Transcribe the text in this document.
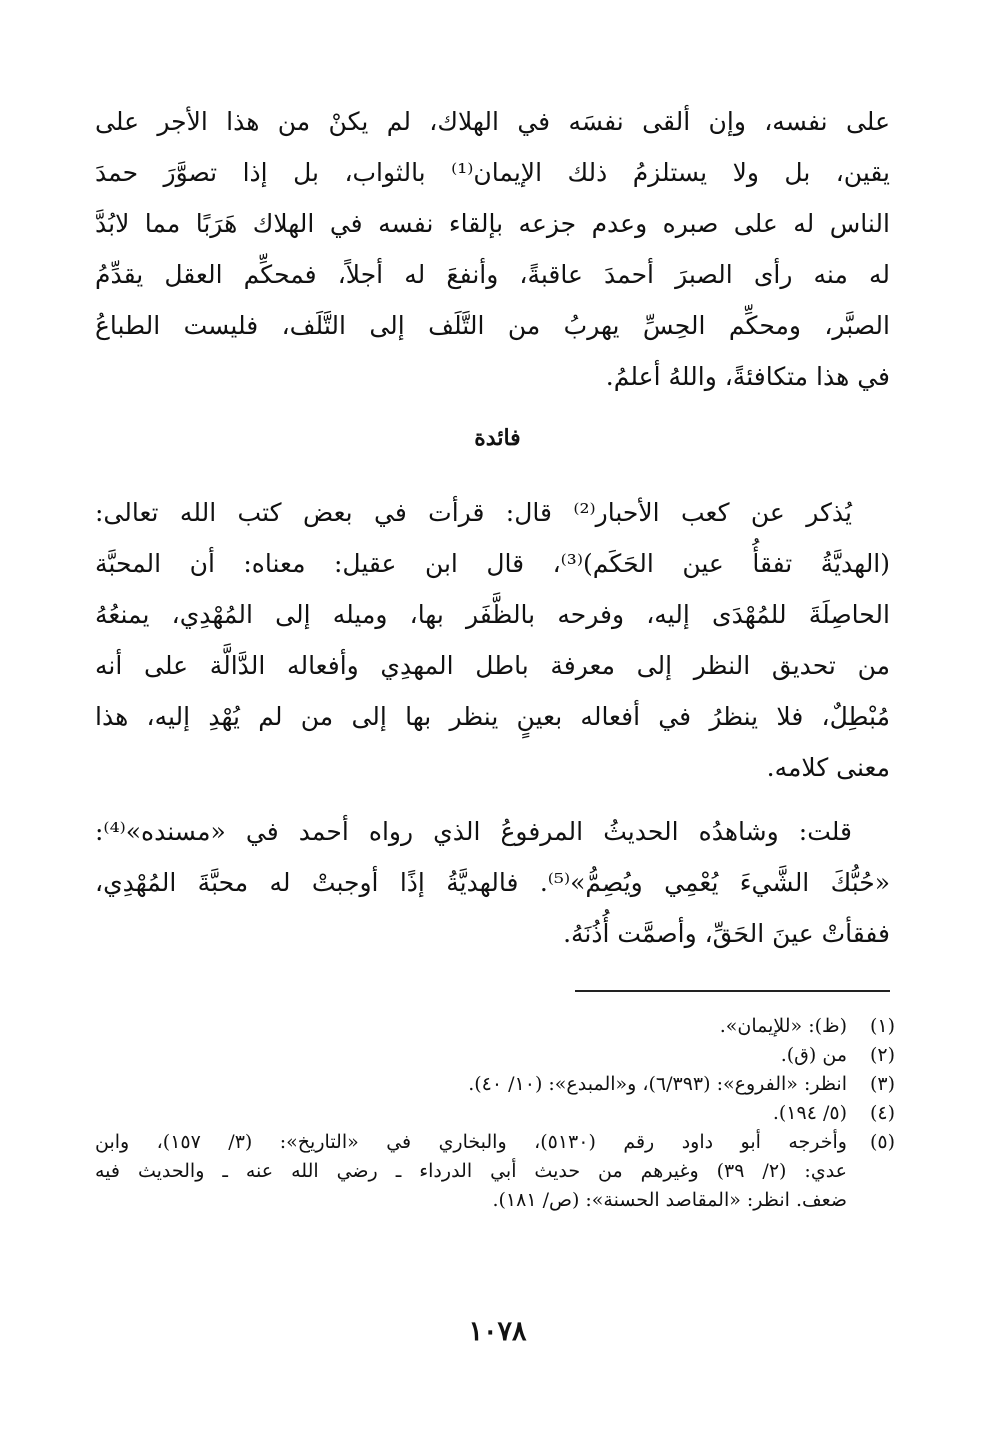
على نفسه، وإن ألقى نفسَه في الهلاك، لم يكنْ من هذا الأجر على
يقين، بل ولا يستلزمُ ذلك الإيمان⁽¹⁾ بالثواب، بل إذا تصوَّرَ حمدَ
الناس له على صبره وعدم جزعه بإلقاء نفسه في الهلاك هَرَبًا مما لابُدَّ
له منه رأى الصبرَ أحمدَ عاقبةً، وأنفعَ له أجلاً، فمحكِّم العقل يقدِّمُ
الصبَّر، ومحكِّم الحِسِّ يهربُ من التَّلَف إلى التَّلَف، فليست الطباعُ
في هذا متكافئةً، واللهُ أعلمُ.
فائدة
يُذكر عن كعب الأحبار⁽²⁾ قال: قرأت في بعض كتب الله تعالى:
(الهديَّةُ تفقأُ عين الحَكَم)⁽³⁾، قال ابن عقيل: معناه: أن المحبَّة
الحاصِلَةَ للمُهْدَى إليه، وفرحه بالظَّفَر بها، وميله إلى المُهْدِي، يمنعُهُ
من تحديق النظر إلى معرفة باطل المهدِي وأفعاله الدَّالَّة على أنه
مُبْطِلٌ، فلا ينظرُ في أفعاله بعينٍ ينظر بها إلى من لم يُهْدِ إليه، هذا
معنى كلامه.
قلت: وشاهدُه الحديثُ المرفوعُ الذي رواه أحمد في «مسنده»⁽⁴⁾:
«حُبُّكَ الشَّيءَ يُعْمِي ويُصِمُّ»⁽⁵⁾. فالهديَّةُ إذًا أوجبتْ له محبَّةَ المُهْدِي،
ففقأتْ عينَ الحَقِّ، وأصمَّت أُذُنَهُ.
(١)
(ظ): «للإيمان».
(٢)
من (ق).
(٣)
انظر: «الفروع»: (٦/٣٩٣)، و«المبدع»: (١٠/ ٤٠).
(٤)
(٥/ ١٩٤).
(٥)
وأخرجه أبو داود رقم (٥١٣٠)، والبخاري في «التاريخ»: (٣/ ١٥٧)، وابن
عدي: (٢/ ٣٩) وغيرهم من حديث أبي الدرداء ـ رضي الله عنه ـ والحديث فيه
ضعف. انظر: «المقاصد الحسنة»: (ص/ ١٨١).
١٠٧٨
